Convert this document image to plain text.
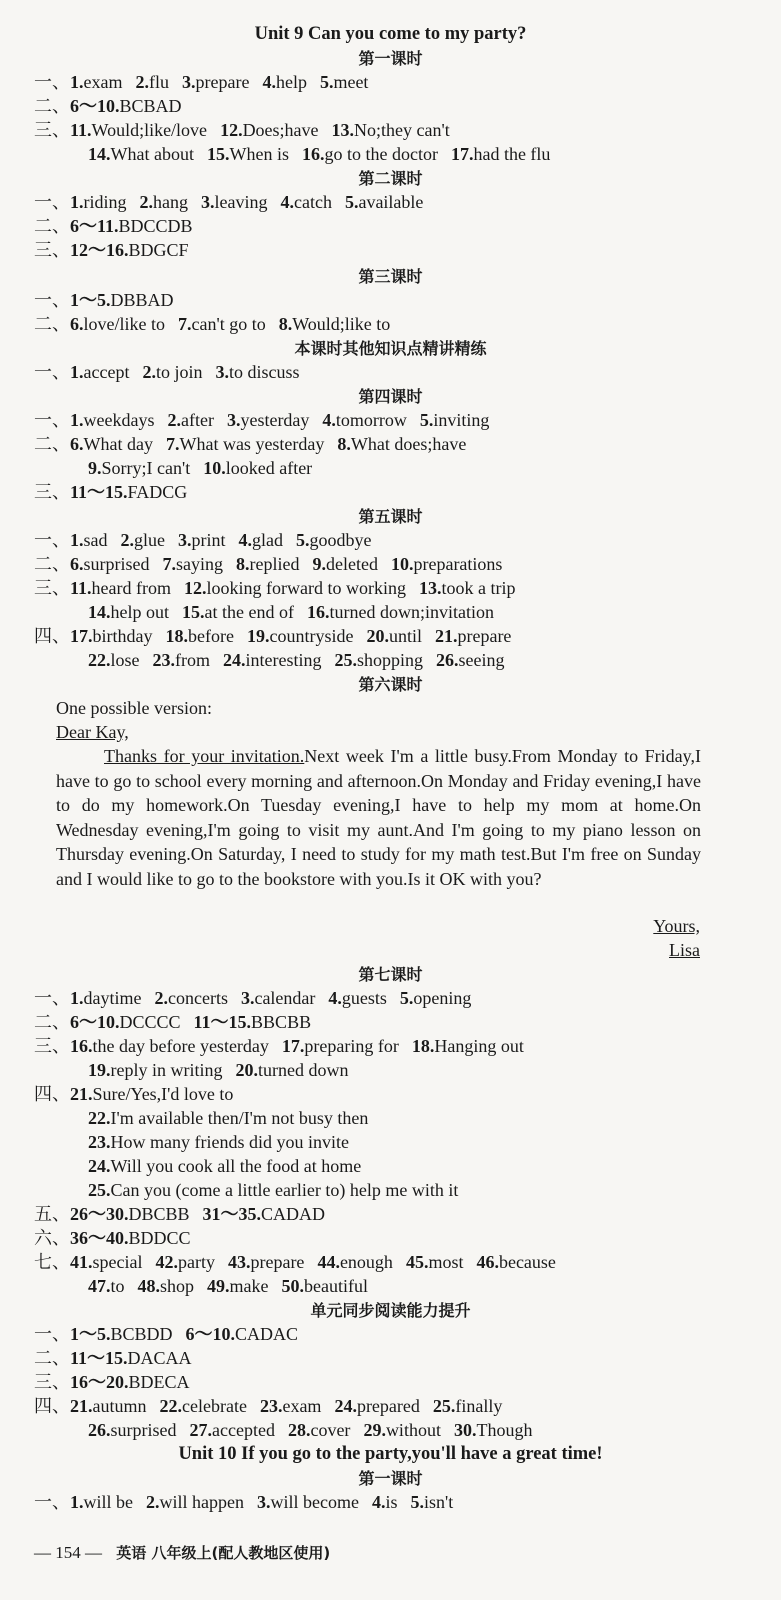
Unit 9 Can you come to my party?
第一课时
一、1.exam 2.flu 3.prepare 4.help 5.meet
二、6～10.BCBAD
三、11.Would;like/love 12.Does;have 13.No;they can't
14.What about 15.When is 16.go to the doctor 17.had the flu
第二课时
一、1.riding 2.hang 3.leaving 4.catch 5.available
二、6～11.BDCCDB
三、12～16.BDGCF
第三课时
一、1～5.DBBAD
二、6.love/like to 7.can't go to 8.Would;like to
本课时其他知识点精讲精练
一、1.accept 2.to join 3.to discuss
第四课时
一、1.weekdays 2.after 3.yesterday 4.tomorrow 5.inviting
二、6.What day 7.What was yesterday 8.What does;have
9.Sorry;I can't 10.looked after
三、11～15.FADCG
第五课时
一、1.sad 2.glue 3.print 4.glad 5.goodbye
二、6.surprised 7.saying 8.replied 9.deleted 10.preparations
三、11.heard from 12.looking forward to working 13.took a trip
14.help out 15.at the end of 16.turned down;invitation
四、17.birthday 18.before 19.countryside 20.until 21.prepare
22.lose 23.from 24.interesting 25.shopping 26.seeing
第六课时
One possible version:
Dear Kay,
Thanks for your invitation.Next week I'm a little busy.From Monday to Friday,I have to go to school every morning and afternoon.On Monday and Friday evening,I have to do my homework.On Tuesday evening,I have to help my mom at home.On Wednesday evening,I'm going to visit my aunt.And I'm going to my piano lesson on Thursday evening.On Saturday, I need to study for my math test.But I'm free on Sunday and I would like to go to the bookstore with you.Is it OK with you?
Yours,
Lisa
第七课时
一、1.daytime 2.concerts 3.calendar 4.guests 5.opening
二、6～10.DCCCC 11～15.BBCBB
三、16.the day before yesterday 17.preparing for 18.Hanging out
19.reply in writing 20.turned down
四、21.Sure/Yes,I'd love to
22.I'm available then/I'm not busy then
23.How many friends did you invite
24.Will you cook all the food at home
25.Can you (come a little earlier to) help me with it
五、26～30.DBCBB 31～35.CADAD
六、36～40.BDDCC
七、41.special 42.party 43.prepare 44.enough 45.most 46.because
47.to 48.shop 49.make 50.beautiful
单元同步阅读能力提升
一、1～5.BCBDD 6～10.CADAC
二、11～15.DACAA
三、16～20.BDECA
四、21.autumn 22.celebrate 23.exam 24.prepared 25.finally
26.surprised 27.accepted 28.cover 29.without 30.Though
Unit 10 If you go to the party,you'll have a great time!
第一课时
一、1.will be 2.will happen 3.will become 4.is 5.isn't
— 154 — 英语 八年级上(配人教地区使用)
